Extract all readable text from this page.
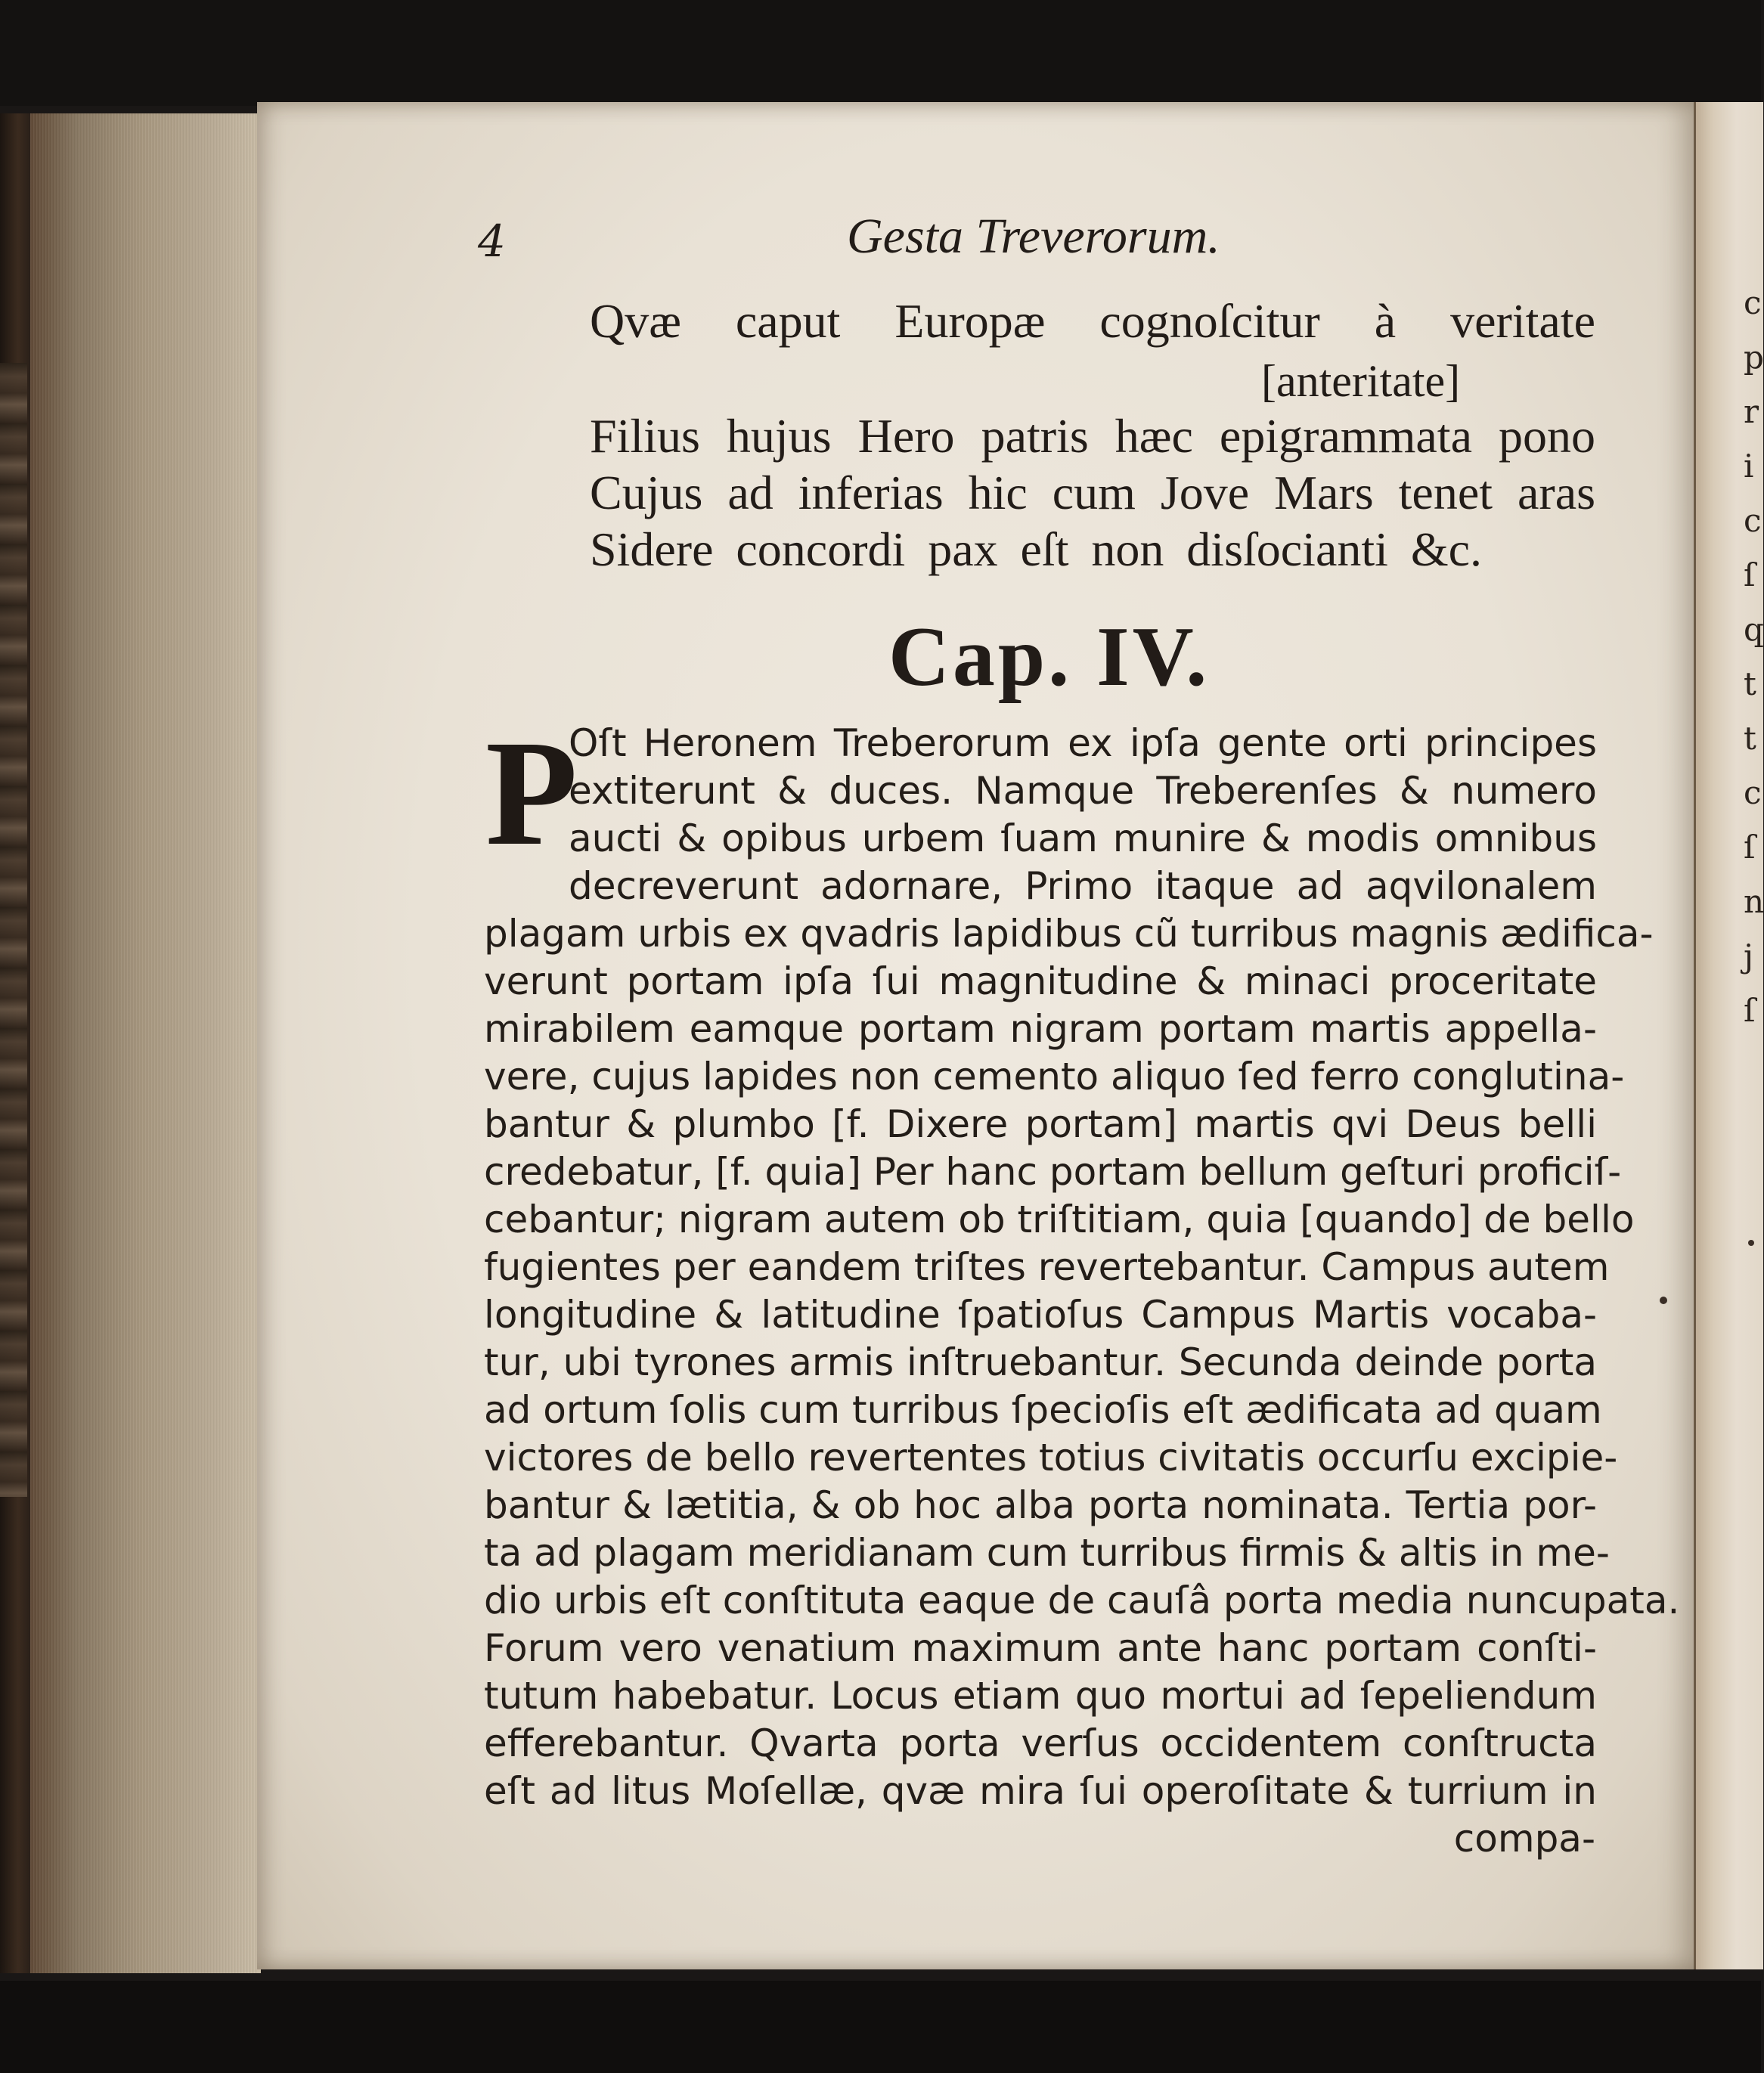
c
p
r
i
c
ſ
q
t
t
c
ſ
n
j
ſ
4	Gesta Treverorum.
Qvæ caput Europæ cognoſcitur à veritate
[anteritate]
Filius hujus Hero patris hæc epigrammata pono
Cujus ad inferias hic cum Jove Mars tenet aras
Sidere concordi pax eſt non disſocianti &c.
Cap. IV.
P
Oſt Heronem Treberorum ex ipſa gente orti principes
extiterunt & duces. Namque Treberenſes & numero
aucti & opibus urbem ſuam munire & modis omnibus
decreverunt adornare, Primo itaque ad aqvilonalem
plagam urbis ex qvadris lapidibus cũ turribus magnis ædifica-
verunt portam ipſa ſui magnitudine & minaci proceritate
mirabilem eamque portam nigram portam martis appella-
vere, cujus lapides non cemento aliquo ſed ferro conglutina-
bantur & plumbo [f. Dixere portam] martis qvi Deus belli
credebatur, [f. quia] Per hanc portam bellum geſturi proficiſ-
cebantur; nigram autem ob triſtitiam, quia [quando] de bello
fugientes per eandem triſtes revertebantur. Campus autem
longitudine & latitudine ſpatioſus Campus Martis vocaba-
tur, ubi tyrones armis inſtruebantur. Secunda deinde porta
ad ortum ſolis cum turribus ſpecioſis eſt ædificata ad quam
victores de bello revertentes totius civitatis occurſu excipie-
bantur & lætitia, & ob hoc alba porta nominata. Tertia por-
ta ad plagam meridianam cum turribus firmis & altis in me-
dio urbis eſt conſtituta eaque de cauſâ porta media nuncupata.
Forum vero venatium maximum ante hanc portam conſti-
tutum habebatur. Locus etiam quo mortui ad ſepeliendum
efferebantur. Qvarta porta verſus occidentem conſtructa
eſt ad litus Moſellæ, qvæ mira ſui operoſitate & turrium in
compa-
